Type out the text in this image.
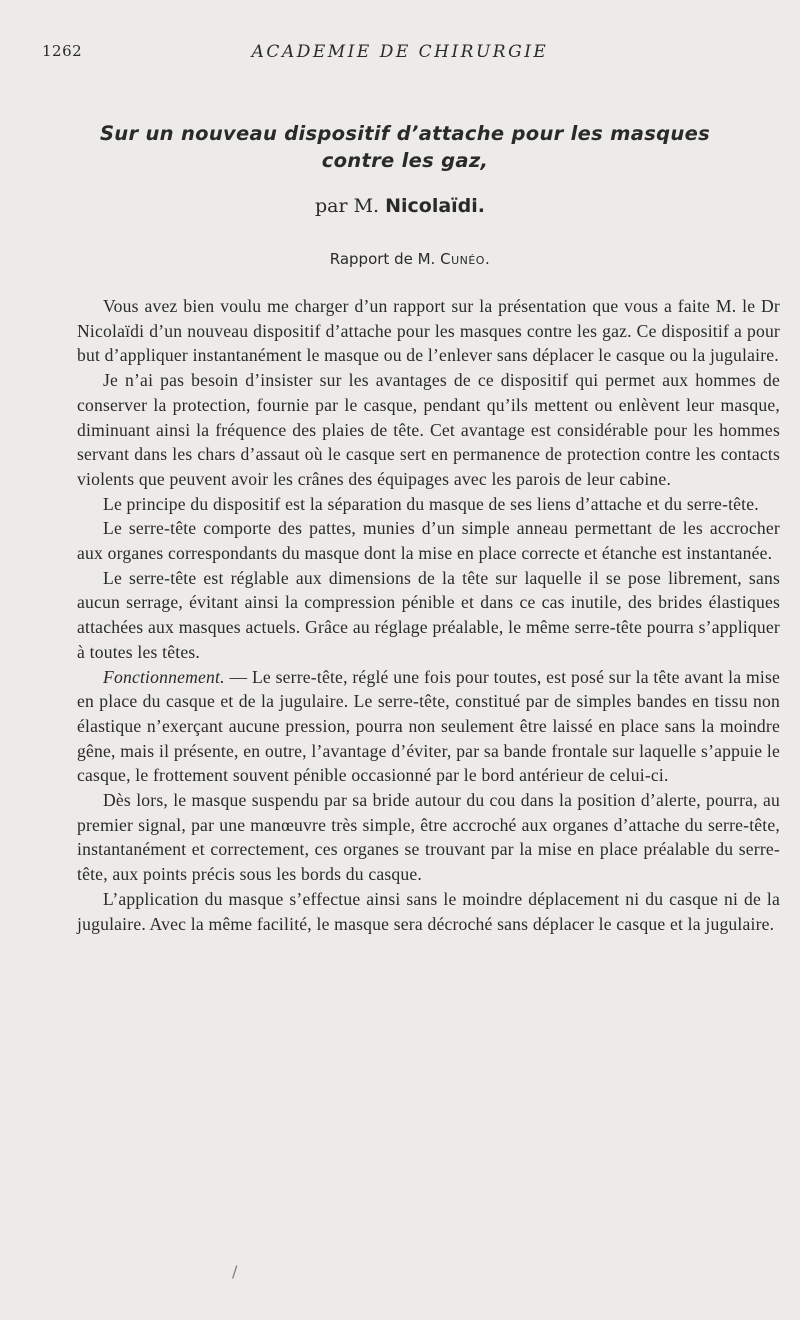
1262	ACADEMIE DE CHIRURGIE
Sur un nouveau dispositif d’attache pour les masques
contre les gaz,
par M. Nicolaïdi.
Rapport de M. Cunéo.

Vous avez bien voulu me charger d’un rapport sur la présentation que vous a faite M. le Dr Nicolaïdi d’un nouveau dispositif d’attache pour les masques contre les gaz. Ce dispositif a pour but d’appliquer instantanément le masque ou de l’enlever sans déplacer le casque ou la jugulaire.

Je n’ai pas besoin d’insister sur les avantages de ce dispositif qui permet aux hommes de conserver la protection, fournie par le casque, pendant qu’ils mettent ou enlèvent leur masque, diminuant ainsi la fréquence des plaies de tête. Cet avantage est considérable pour les hommes servant dans les chars d’assaut où le casque sert en permanence de protection contre les contacts violents que peuvent avoir les crânes des équipages avec les parois de leur cabine.

Le principe du dispositif est la séparation du masque de ses liens d’attache et du serre-tête.

Le serre-tête comporte des pattes, munies d’un simple anneau permettant de les accrocher aux organes correspondants du masque dont la mise en place correcte et étanche est instantanée.

Le serre-tête est réglable aux dimensions de la tête sur laquelle il se pose librement, sans aucun serrage, évitant ainsi la compression pénible et dans ce cas inutile, des brides élastiques attachées aux masques actuels. Grâce au réglage préalable, le même serre-tête pourra s’appliquer à toutes les têtes.

Fonctionnement. — Le serre-tête, réglé une fois pour toutes, est posé sur la tête avant la mise en place du casque et de la jugulaire. Le serre-tête, constitué par de simples bandes en tissu non élastique n’exerçant aucune pression, pourra non seulement être laissé en place sans la moindre gêne, mais il présente, en outre, l’avantage d’éviter, par sa bande frontale sur laquelle s’appuie le casque, le frottement souvent pénible occasionné par le bord antérieur de celui-ci.

Dès lors, le masque suspendu par sa bride autour du cou dans la position d’alerte, pourra, au premier signal, par une manœuvre très simple, être accroché aux organes d’attache du serre-tête, instantanément et correctement, ces organes se trouvant par la mise en place préalable du serre-tête, aux points précis sous les bords du casque.

L’application du masque s’effectue ainsi sans le moindre déplacement ni du casque ni de la jugulaire. Avec la même facilité, le masque sera décroché sans déplacer le casque et la jugulaire.

/
